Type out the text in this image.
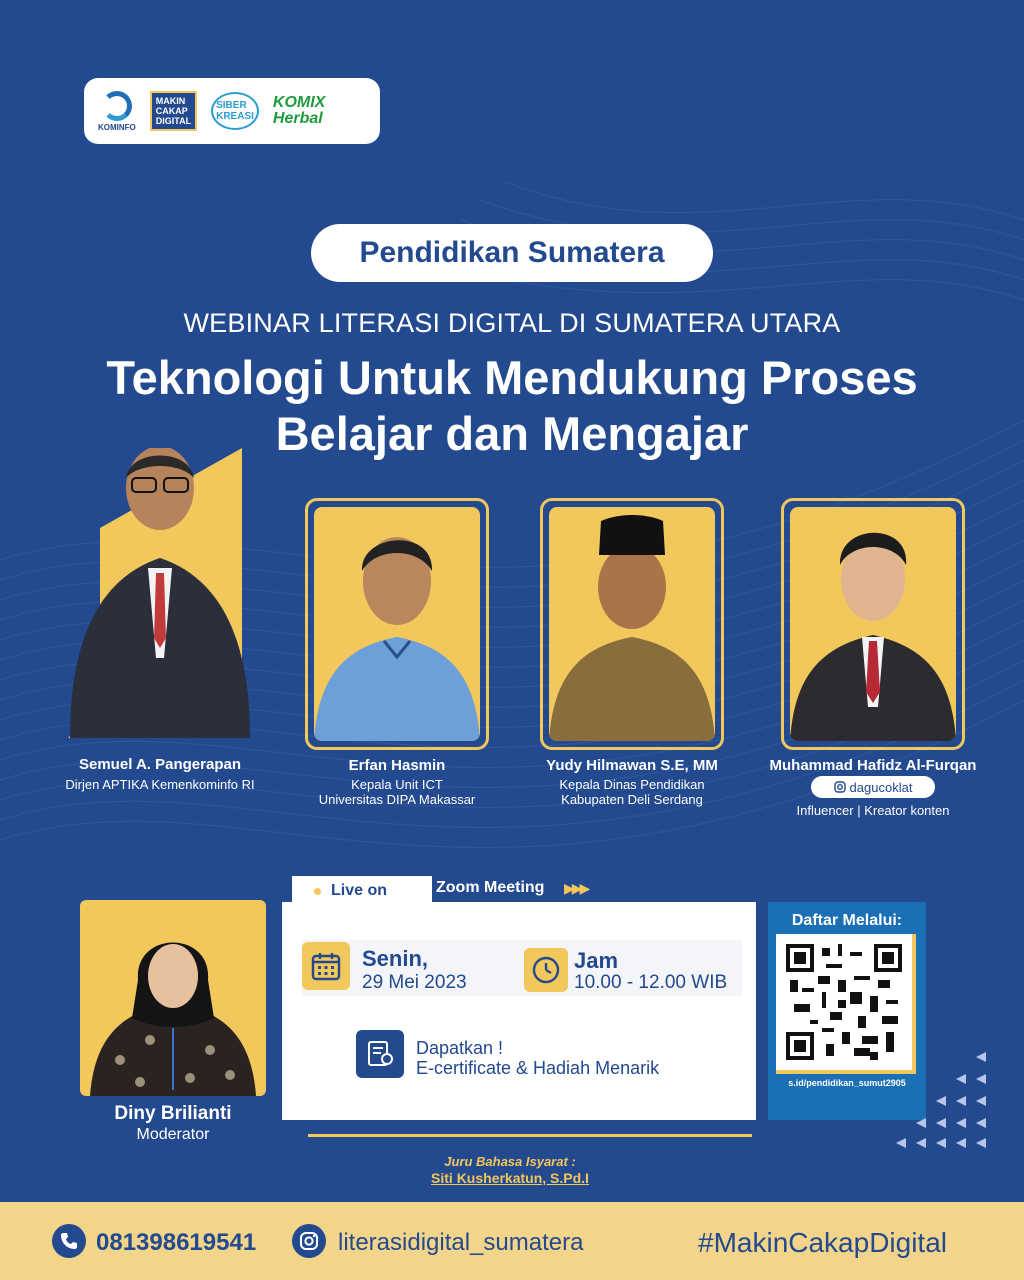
KOMINFO
MAKIN
CAKAP
DIGITAL
SIBER
KREASI
KOMIX
Herbal
Pendidikan Sumatera
WEBINAR LITERASI DIGITAL DI SUMATERA UTARA
Teknologi Untuk Mendukung Proses
Belajar dan Mengajar
Semuel A. Pangerapan
Dirjen APTIKA Kemenkominfo RI
Erfan Hasmin
Kepala Unit ICT
Universitas DIPA Makassar
Yudy Hilmawan S.E, MM
Kepala Dinas Pendidikan
Kabupaten Deli Serdang
Muhammad Hafidz Al-Furqan
dagucoklat
Influencer | Kreator konten
Diny Brilianti
Moderator
Live on	Zoom Meeting ▶▶▶
Senin,
29 Mei 2023
Jam
10.00 - 12.00 WIB
Dapatkan !
E-certificate & Hadiah Menarik
Daftar Melalui:
s.id/pendidikan_sumut2905
Juru Bahasa Isyarat :
Siti Kusherkatun, S.Pd.I
081398619541	literasidigital_sumatera	#MakinCakapDigital
